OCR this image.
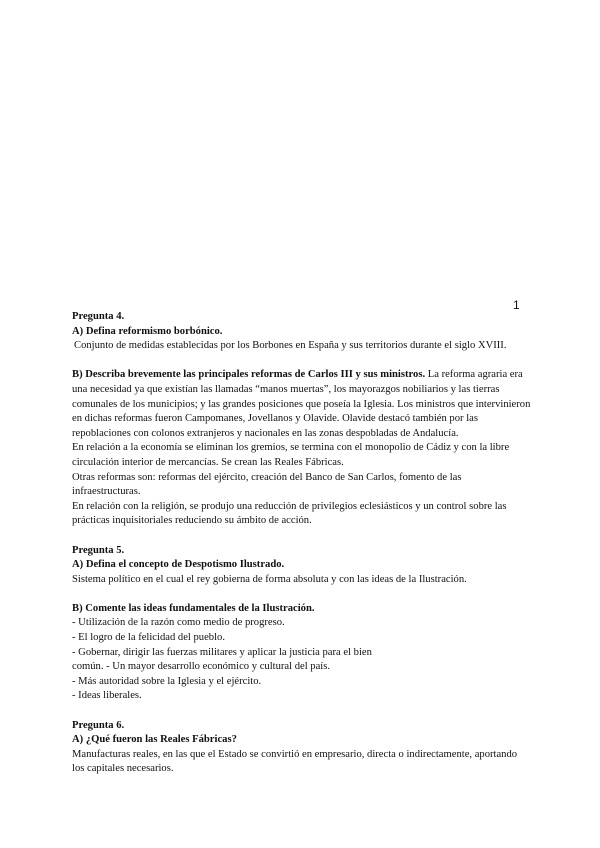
1

Pregunta 4.

A) Defina reformismo borbónico.

Conjunto de medidas establecidas por los Borbones en España y sus territorios durante el siglo XVIII.

B) Describa brevemente las principales reformas de Carlos III y sus ministros. La reforma agraria era una necesidad ya que existían las llamadas “manos muertas”, los mayorazgos nobiliarios y las tierras comunales de los municipios; y las grandes posiciones que poseía la Iglesia. Los ministros que intervinieron en dichas reformas fueron Campomanes, Jovellanos y Olavide. Olavide destacó también por las repoblaciones con colonos extranjeros y nacionales en las zonas despobladas de Andalucía.

En relación a la economía se eliminan los gremios, se termina con el monopolio de Cádiz y con la libre circulación interior de mercancías. Se crean las Reales Fábricas.

Otras reformas son: reformas del ejército, creación del Banco de San Carlos, fomento de las infraestructuras.

En relación con la religión, se produjo una reducción de privilegios eclesiásticos y un control sobre las prácticas inquisitoriales reduciendo su ámbito de acción.

Pregunta 5.

A) Defina el concepto de Despotismo Ilustrado.

Sistema político en el cual el rey gobierna de forma absoluta y con las ideas de la Ilustración.

B) Comente las ideas fundamentales de la Ilustración.

- Utilización de la razón como medio de progreso.

- El logro de la felicidad del pueblo.

- Gobernar, dirigir las fuerzas militares y aplicar la justicia para el bien

común. - Un mayor desarrollo económico y cultural del país.

- Más autoridad sobre la Iglesia y el ejército.

- Ideas liberales.

Pregunta 6.

A) ¿Qué fueron las Reales Fábricas?

Manufacturas reales, en las que el Estado se convirtió en empresario, directa o indirectamente, aportando los capitales necesarios.
